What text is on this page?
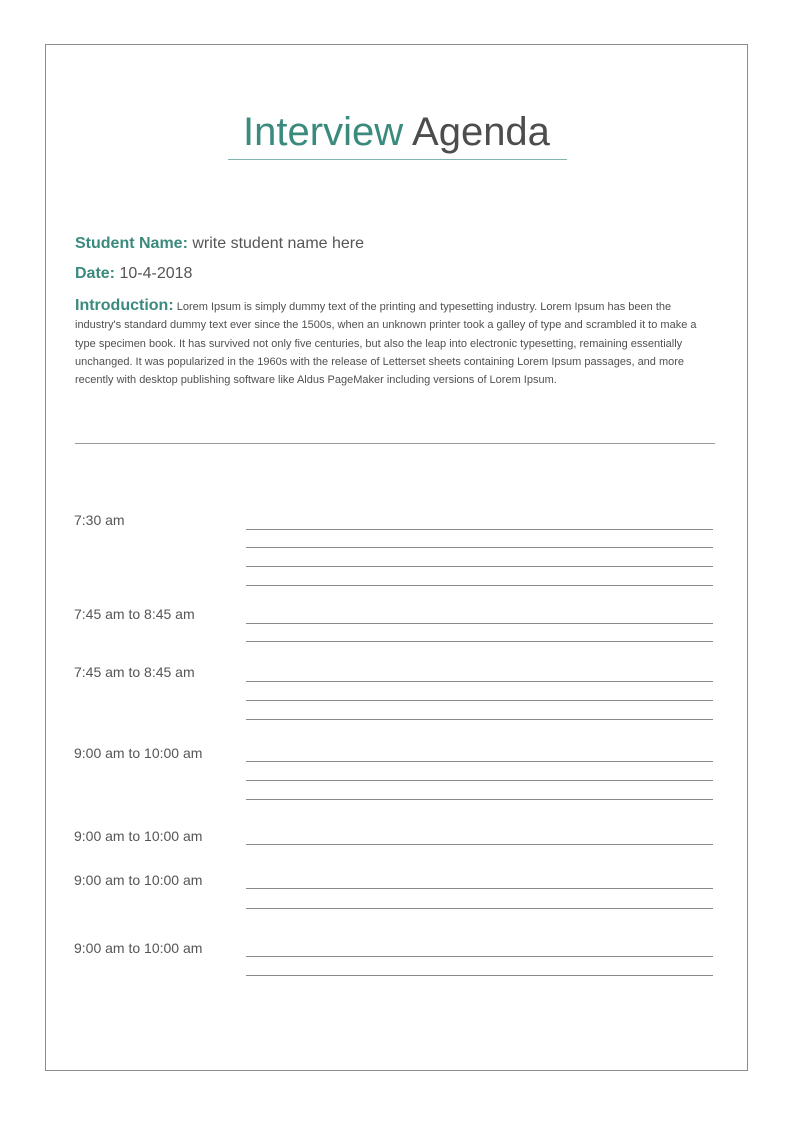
Interview Agenda
Student Name: write student name here
Date: 10-4-2018
Introduction: Lorem Ipsum is simply dummy text of the printing and typesetting industry. Lorem Ipsum has been the industry's standard dummy text ever since the 1500s, when an unknown printer took a galley of type and scrambled it to make a type specimen book. It has survived not only five centuries, but also the leap into electronic typesetting, remaining essentially unchanged. It was popularized in the 1960s with the release of Letterset sheets containing Lorem Ipsum passages, and more recently with desktop publishing software like Aldus PageMaker including versions of Lorem Ipsum.
7:30 am
7:45 am to 8:45 am
7:45 am to 8:45 am
9:00 am to 10:00 am
9:00 am to 10:00 am
9:00 am to 10:00 am
9:00 am to 10:00 am
